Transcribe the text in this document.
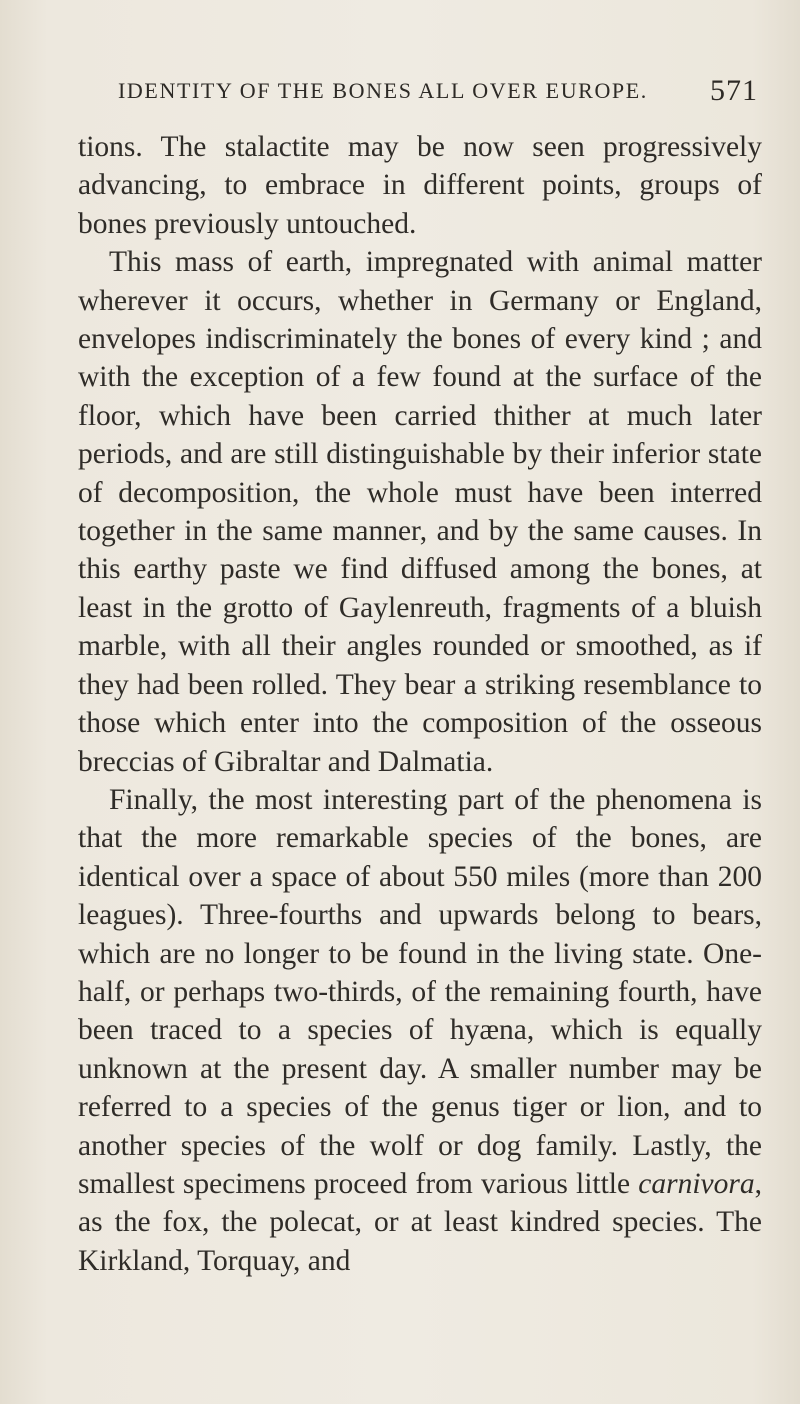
IDENTITY OF THE BONES ALL OVER EUROPE. 571

tions. The stalactite may be now seen progressively advancing, to embrace in different points, groups of bones previously untouched.

This mass of earth, impregnated with animal matter wherever it occurs, whether in Germany or England, envelopes indiscriminately the bones of every kind ; and with the exception of a few found at the surface of the floor, which have been carried thither at much later periods, and are still distinguishable by their inferior state of decomposition, the whole must have been interred together in the same manner, and by the same causes. In this earthy paste we find diffused among the bones, at least in the grotto of Gaylenreuth, fragments of a bluish marble, with all their angles rounded or smoothed, as if they had been rolled. They bear a striking resemblance to those which enter into the composition of the osseous breccias of Gibraltar and Dalmatia.

Finally, the most interesting part of the phenomena is that the more remarkable species of the bones, are identical over a space of about 550 miles (more than 200 leagues). Three-fourths and upwards belong to bears, which are no longer to be found in the living state. One-half, or perhaps two-thirds, of the remaining fourth, have been traced to a species of hyæna, which is equally unknown at the present day. A smaller number may be referred to a species of the genus tiger or lion, and to another species of the wolf or dog family. Lastly, the smallest specimens proceed from various little carnivora, as the fox, the polecat, or at least kindred species. The Kirkland, Torquay, and
